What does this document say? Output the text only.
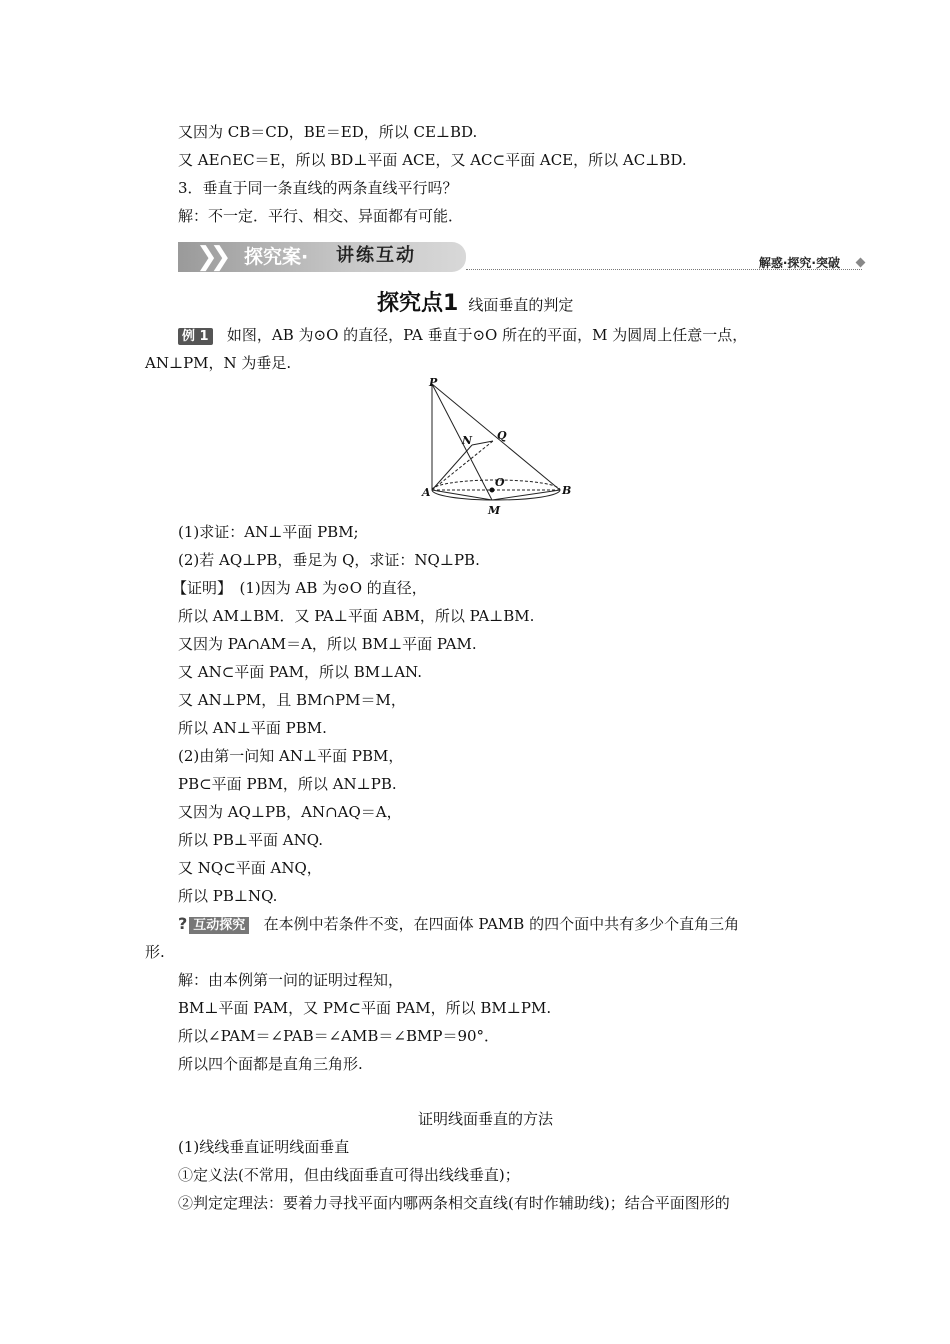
又因为 CB＝CD，BE＝ED，所以 CE⊥BD.
又 AE∩EC＝E，所以 BD⊥平面 ACE，又 AC⊂平面 ACE，所以 AC⊥BD.
3．垂直于同一条直线的两条直线平行吗？
解：不一定．平行、相交、异面都有可能．
❯❯ 探究案· 讲练互动	解惑·探究·突破
探究点1 线面垂直的判定
例 1 如图，AB 为⊙O 的直径，PA 垂直于⊙O 所在的平面，M 为圆周上任意一点，
AN⊥PM，N 为垂足.
P
N Q
A
O
B
M
(1)求证：AN⊥平面 PBM;
(2)若 AQ⊥PB，垂足为 Q，求证：NQ⊥PB.
【证明】　(1)因为 AB 为⊙O 的直径，
所以 AM⊥BM．又 PA⊥平面 ABM，所以 PA⊥BM.
又因为 PA∩AM＝A，所以 BM⊥平面 PAM.
又 AN⊂平面 PAM，所以 BM⊥AN.
又 AN⊥PM，且 BM∩PM＝M，
所以 AN⊥平面 PBM.
(2)由第一问知 AN⊥平面 PBM，
PB⊂平面 PBM，所以 AN⊥PB.
又因为 AQ⊥PB，AN∩AQ＝A，
所以 PB⊥平面 ANQ.
又 NQ⊂平面 ANQ，
所以 PB⊥NQ.
? 互动探究 在本例中若条件不变，在四面体 PAMB 的四个面中共有多少个直角三角
形.
解：由本例第一问的证明过程知，
BM⊥平面 PAM，又 PM⊂平面 PAM，所以 BM⊥PM.
所以∠PAM＝∠PAB＝∠AMB＝∠BMP＝90°．
所以四个面都是直角三角形.
证明线面垂直的方法
(1)线线垂直证明线面垂直
①定义法(不常用，但由线面垂直可得出线线垂直)；
②判定定理法：要着力寻找平面内哪两条相交直线(有时作辅助线)；结合平面图形的
